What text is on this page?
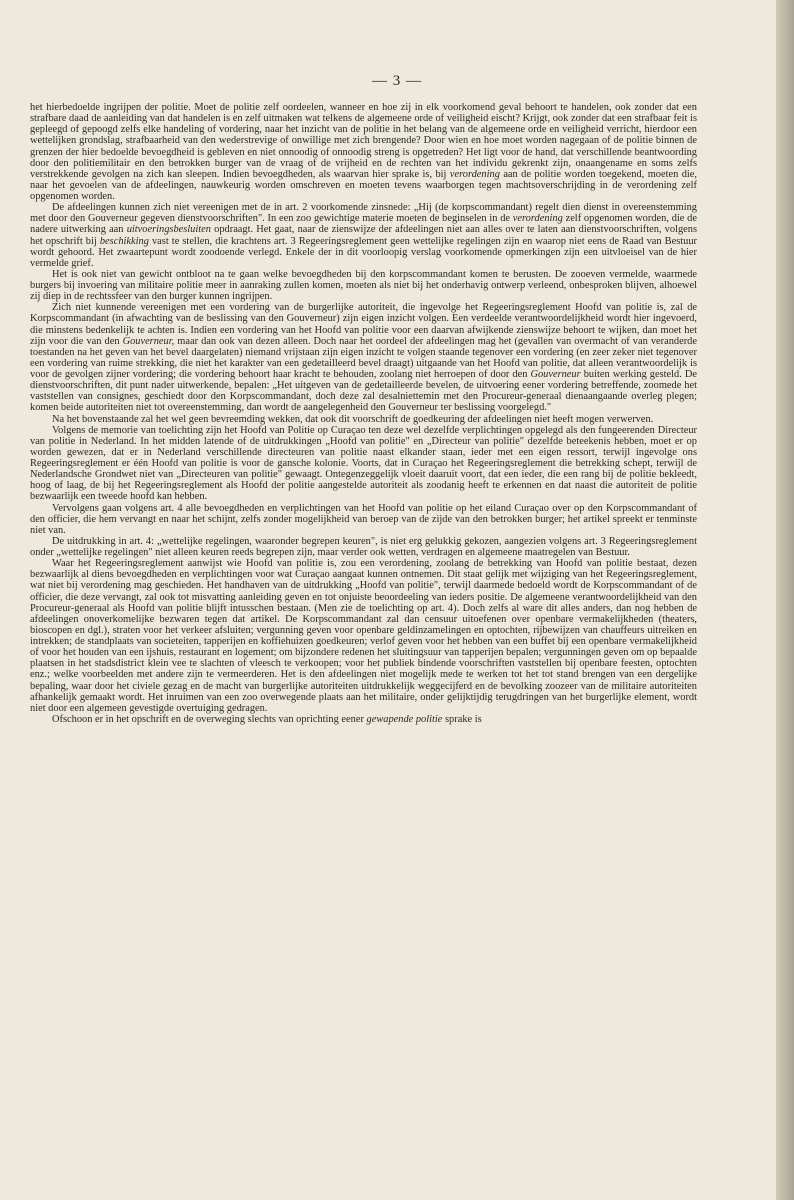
— 3 —

het hierbedoelde ingrijpen der politie. Moet de politie zelf oordeelen, wanneer en hoe zij in elk voorkomend geval behoort te handelen, ook zonder dat een strafbare daad de aanleiding van dat handelen is en zelf uitmaken wat telkens de algemeene orde of veiligheid eischt? Krijgt, ook zonder dat een strafbaar feit is gepleegd of gepoogd zelfs elke handeling of vordering, naar het inzicht van de politie in het belang van de algemeene orde en veiligheid verricht, hierdoor een wettelijken grondslag, strafbaarheid van den wederstrevige of onwillige met zich brengende? Door wien en hoe moet worden nagegaan of de politie binnen de grenzen der hier bedoelde bevoegdheid is gebleven en niet onnoodig of onnoodig streng is opgetreden? Het ligt voor de hand, dat verschillende beantwoording door den politiemilitair en den betrokken burger van de vraag of de vrijheid en de rechten van het individu gekrenkt zijn, onaangename en soms zelfs verstrekkende gevolgen na zich kan sleepen. Indien bevoegdheden, als waarvan hier sprake is, bij verordening aan de politie worden toegekend, moeten die, naar het gevoelen van de afdeelingen, nauwkeurig worden omschreven en moeten tevens waarborgen tegen machtsoverschrijding in de verordening zelf opgenomen worden.

De afdeelingen kunnen zich niet vereenigen met de in art. 2 voorkomende zinsnede: „Hij (de korpscommandant) regelt dien dienst in overeenstemming met door den Gouverneur gegeven dienstvoorschriften". In een zoo gewichtige materie moeten de beginselen in de verordening zelf opgenomen worden, die de nadere uitwerking aan uitvoeringsbesluiten opdraagt. Het gaat, naar de zienswijze der afdeelingen niet aan alles over te laten aan dienstvoorschriften, volgens het opschrift bij beschikking vast te stellen, die krachtens art. 3 Regeeringsreglement geen wettelijke regelingen zijn en waarop niet eens de Raad van Bestuur wordt gehoord. Het zwaartepunt wordt zoodoende verlegd. Enkele der in dit voorloopig verslag voorkomende opmerkingen zijn een uitvloeisel van de hier vermelde grief.

Het is ook niet van gewicht ontbloot na te gaan welke bevoegdheden bij den korpscommandant komen te berusten. De zooeven vermelde, waarmede burgers bij invoering van militaire politie meer in aanraking zullen komen, moeten als niet bij het onderhavig ontwerp verleend, onbesproken blijven, alhoewel zij diep in de rechtssfeer van den burger kunnen ingrijpen.

Zich niet kunnende vereenigen met een vordering van de burgerlijke autoriteit, die ingevolge het Regeeringsreglement Hoofd van politie is, zal de Korpscommandant (in afwachting van de beslissing van den Gouverneur) zijn eigen inzicht volgen. Een verdeelde verantwoordelijkheid wordt hier ingevoerd, die minstens bedenkelijk te achten is. Indien een vordering van het Hoofd van politie voor een daarvan afwijkende zienswijze behoort te wijken, dan moet het zijn voor die van den Gouverneur, maar dan ook van dezen alleen. Doch naar het oordeel der afdeelingen mag het (gevallen van overmacht of van veranderde toestanden na het geven van het bevel daargelaten) niemand vrijstaan zijn eigen inzicht te volgen staande tegenover een vordering (en zeer zeker niet tegenover een vordering van ruime strekking, die niet het karakter van een gedetailleerd bevel draagt) uitgaande van het Hoofd van politie, dat alleen verantwoordelijk is voor de gevolgen zijner vordering; die vordering behoort haar kracht te behouden, zoolang niet herroepen of door den Gouverneur buiten werking gesteld. De dienstvoorschriften, dit punt nader uitwerkende, bepalen: „Het uitgeven van de gedetailleerde bevelen, de uitvoering eener vordering betreffende, zoomede het vaststellen van consignes, geschiedt door den Korpscommandant, doch deze zal desalniettemin met den Procureur-generaal dienaangaande overleg plegen; komen beide autoriteiten niet tot overeenstemming, dan wordt de aangelegenheid den Gouverneur ter beslissing voorgelegd."

Na het bovenstaande zal het wel geen bevreemding wekken, dat ook dit voorschrift de goedkeuring der afdeelingen niet heeft mogen verwerven.

Volgens de memorie van toelichting zijn het Hoofd van Politie op Curaçao ten deze wel dezelfde verplichtingen opgelegd als den fungeerenden Directeur van politie in Nederland. In het midden latende of de uitdrukkingen „Hoofd van politie" en „Directeur van politie" dezelfde beteekenis hebben, moet er op worden gewezen, dat er in Nederland verschillende directeuren van politie naast elkander staan, ieder met een eigen ressort, terwijl ingevolge ons Regeeringsreglement er één Hoofd van politie is voor de gansche kolonie. Voorts, dat in Curaçao het Regeeringsreglement die betrekking schept, terwijl de Nederlandsche Grondwet niet van „Directeuren van politie" gewaagt. Ontegenzeggelijk vloeit daaruit voort, dat een ieder, die een rang bij de politie bekleedt, hoog of laag, de bij het Regeeringsreglement als Hoofd der politie aangestelde autoriteit als zoodanig heeft te erkennen en dat naast die autoriteit de politie bezwaarlijk een tweede hoofd kan hebben.

Vervolgens gaan volgens art. 4 alle bevoegdheden en verplichtingen van het Hoofd van politie op het eiland Curaçao over op den Korpscommandant of den officier, die hem vervangt en naar het schijnt, zelfs zonder mogelijkheid van beroep van de zijde van den betrokken burger; het artikel spreekt er tenminste niet van.

De uitdrukking in art. 4: „wettelijke regelingen, waaronder begrepen keuren", is niet erg gelukkig gekozen, aangezien volgens art. 3 Regeeringsreglement onder „wettelijke regelingen" niet alleen keuren reeds begrepen zijn, maar verder ook wetten, verdragen en algemeene maatregelen van Bestuur.

Waar het Regeeringsreglement aanwijst wie Hoofd van politie is, zou een verordening, zoolang de betrekking van Hoofd van politie bestaat, dezen bezwaarlijk al diens bevoegdheden en verplichtingen voor wat Curaçao aangaat kunnen ontnemen. Dit staat gelijk met wijziging van het Regeeringsreglement, wat niet bij verordening mag geschieden. Het handhaven van de uitdrukking „Hoofd van politie", terwijl daarmede bedoeld wordt de Korpscommandant of de officier, die deze vervangt, zal ook tot misvatting aanleiding geven en tot onjuiste beoordeeling van ieders positie. De algemeene verantwoordelijkheid van den Procureur-generaal als Hoofd van politie blijft intusschen bestaan. (Men zie de toelichting op art. 4). Doch zelfs al ware dit alles anders, dan nog hebben de afdeelingen onoverkomelijke bezwaren tegen dat artikel. De Korpscommandant zal dan censuur uitoefenen over openbare vermakelijkheden (theaters, bioscopen en dgl.), straten voor het verkeer afsluiten; vergunning geven voor openbare geldinzamelingen en optochten, rijbewijzen van chauffeurs uitreiken en intrekken; de standplaats van societeiten, tapperijen en koffiehuizen goedkeuren; verlof geven voor het hebben van een buffet bij een openbare vermakelijkheid of voor het houden van een ijshuis, restaurant en logement; om bijzondere redenen het sluitingsuur van tapperijen bepalen; vergunningen geven om op bepaalde plaatsen in het stadsdistrict klein vee te slachten of vleesch te verkoopen; voor het publiek bindende voorschriften vaststellen bij openbare feesten, optochten enz.; welke voorbeelden met andere zijn te vermeerderen. Het is den afdeelingen niet mogelijk mede te werken tot het tot stand brengen van een dergelijke bepaling, waar door het civiele gezag en de macht van burgerlijke autoriteiten uitdrukkelijk weggecijferd en de bevolking zoozeer van de militaire autoriteiten afhankelijk gemaakt wordt. Het inruimen van een zoo overwegende plaats aan het militaire, onder gelijktijdig terugdringen van het burgerlijke element, wordt niet door een algemeen gevestigde overtuiging gedragen.

Ofschoon er in het opschrift en de overweging slechts van oprichting eener gewapende politie sprake is
